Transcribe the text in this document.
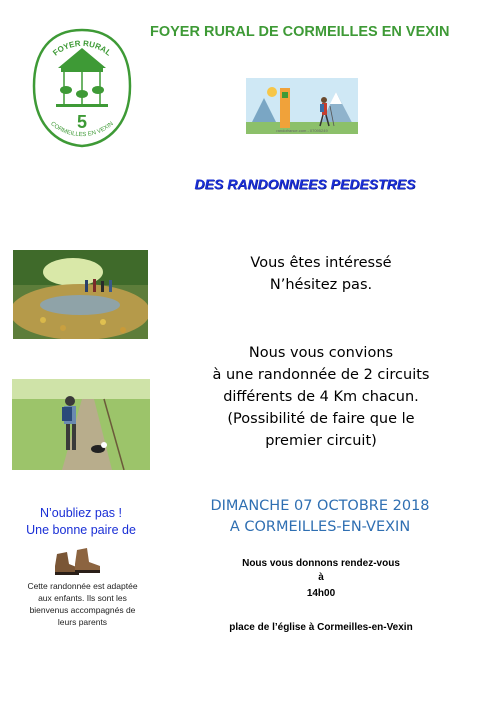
FOYER RURAL DE CORMEILLES EN VEXIN
FOYER RURAL
5
CORMEILLES EN VEXIN
randofrance.com - 07095249
DES RANDONNEES PEDESTRES
Vous êtes intéressé
N’hésitez pas.
Nous vous convions
à une randonnée de 2 circuits
différents de 4 Km chacun.
(Possibilité de faire que le
premier circuit)
DIMANCHE 07 OCTOBRE 2018
A CORMEILLES-EN-VEXIN
Nous vous donnons rendez-vous
à
14h00
place de l’église à Cormeilles-en-Vexin
N’oubliez pas !
Une bonne paire de
Cette randonnée est adaptée
aux enfants. Ils sont les
bienvenus accompagnés de
leurs parents
